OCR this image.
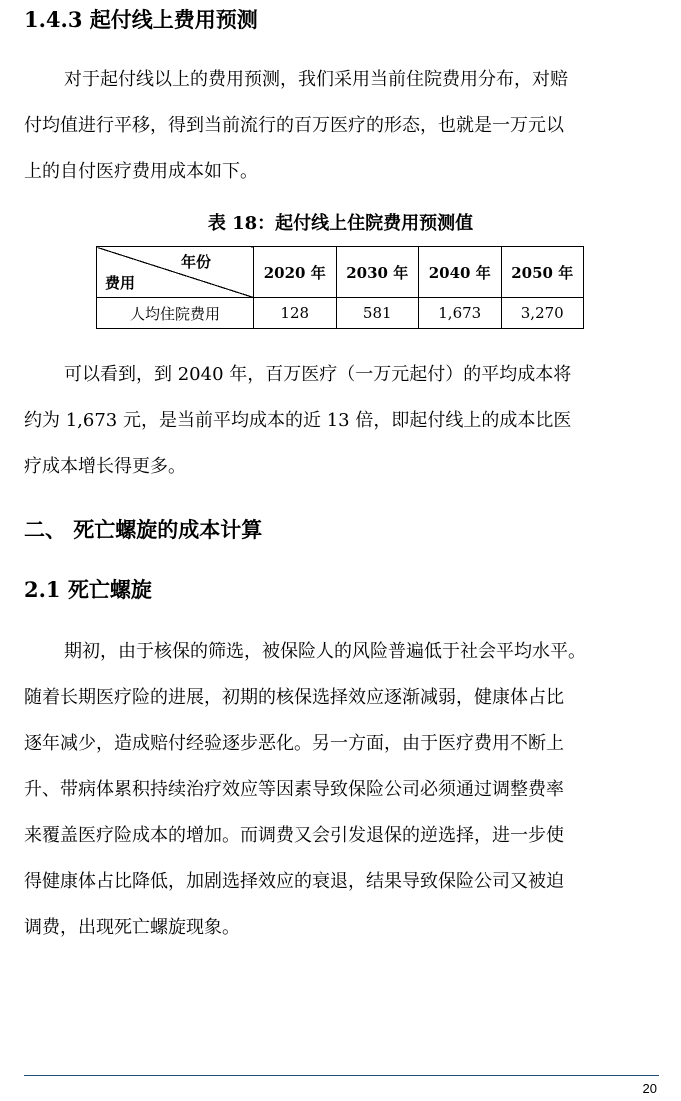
1.4.3 起付线上费用预测
对于起付线以上的费用预测，我们采用当前住院费用分布，对赔
付均值进行平移，得到当前流行的百万医疗的形态，也就是一万元以
上的自付医疗费用成本如下。
表 18：起付线上住院费用预测值
年份
费用	2020 年	2030 年	2040 年	2050 年
人均住院费用	128	581	1,673	3,270
可以看到，到 2040 年，百万医疗（一万元起付）的平均成本将
约为 1,673 元，是当前平均成本的近 13 倍，即起付线上的成本比医
疗成本增长得更多。
二、 死亡螺旋的成本计算
2.1 死亡螺旋
期初，由于核保的筛选，被保险人的风险普遍低于社会平均水平。
随着长期医疗险的进展，初期的核保选择效应逐渐减弱，健康体占比
逐年减少，造成赔付经验逐步恶化。另一方面，由于医疗费用不断上
升、带病体累积持续治疗效应等因素导致保险公司必须通过调整费率
来覆盖医疗险成本的增加。而调费又会引发退保的逆选择，进一步使
得健康体占比降低，加剧选择效应的衰退，结果导致保险公司又被迫
调费，出现死亡螺旋现象。
20
